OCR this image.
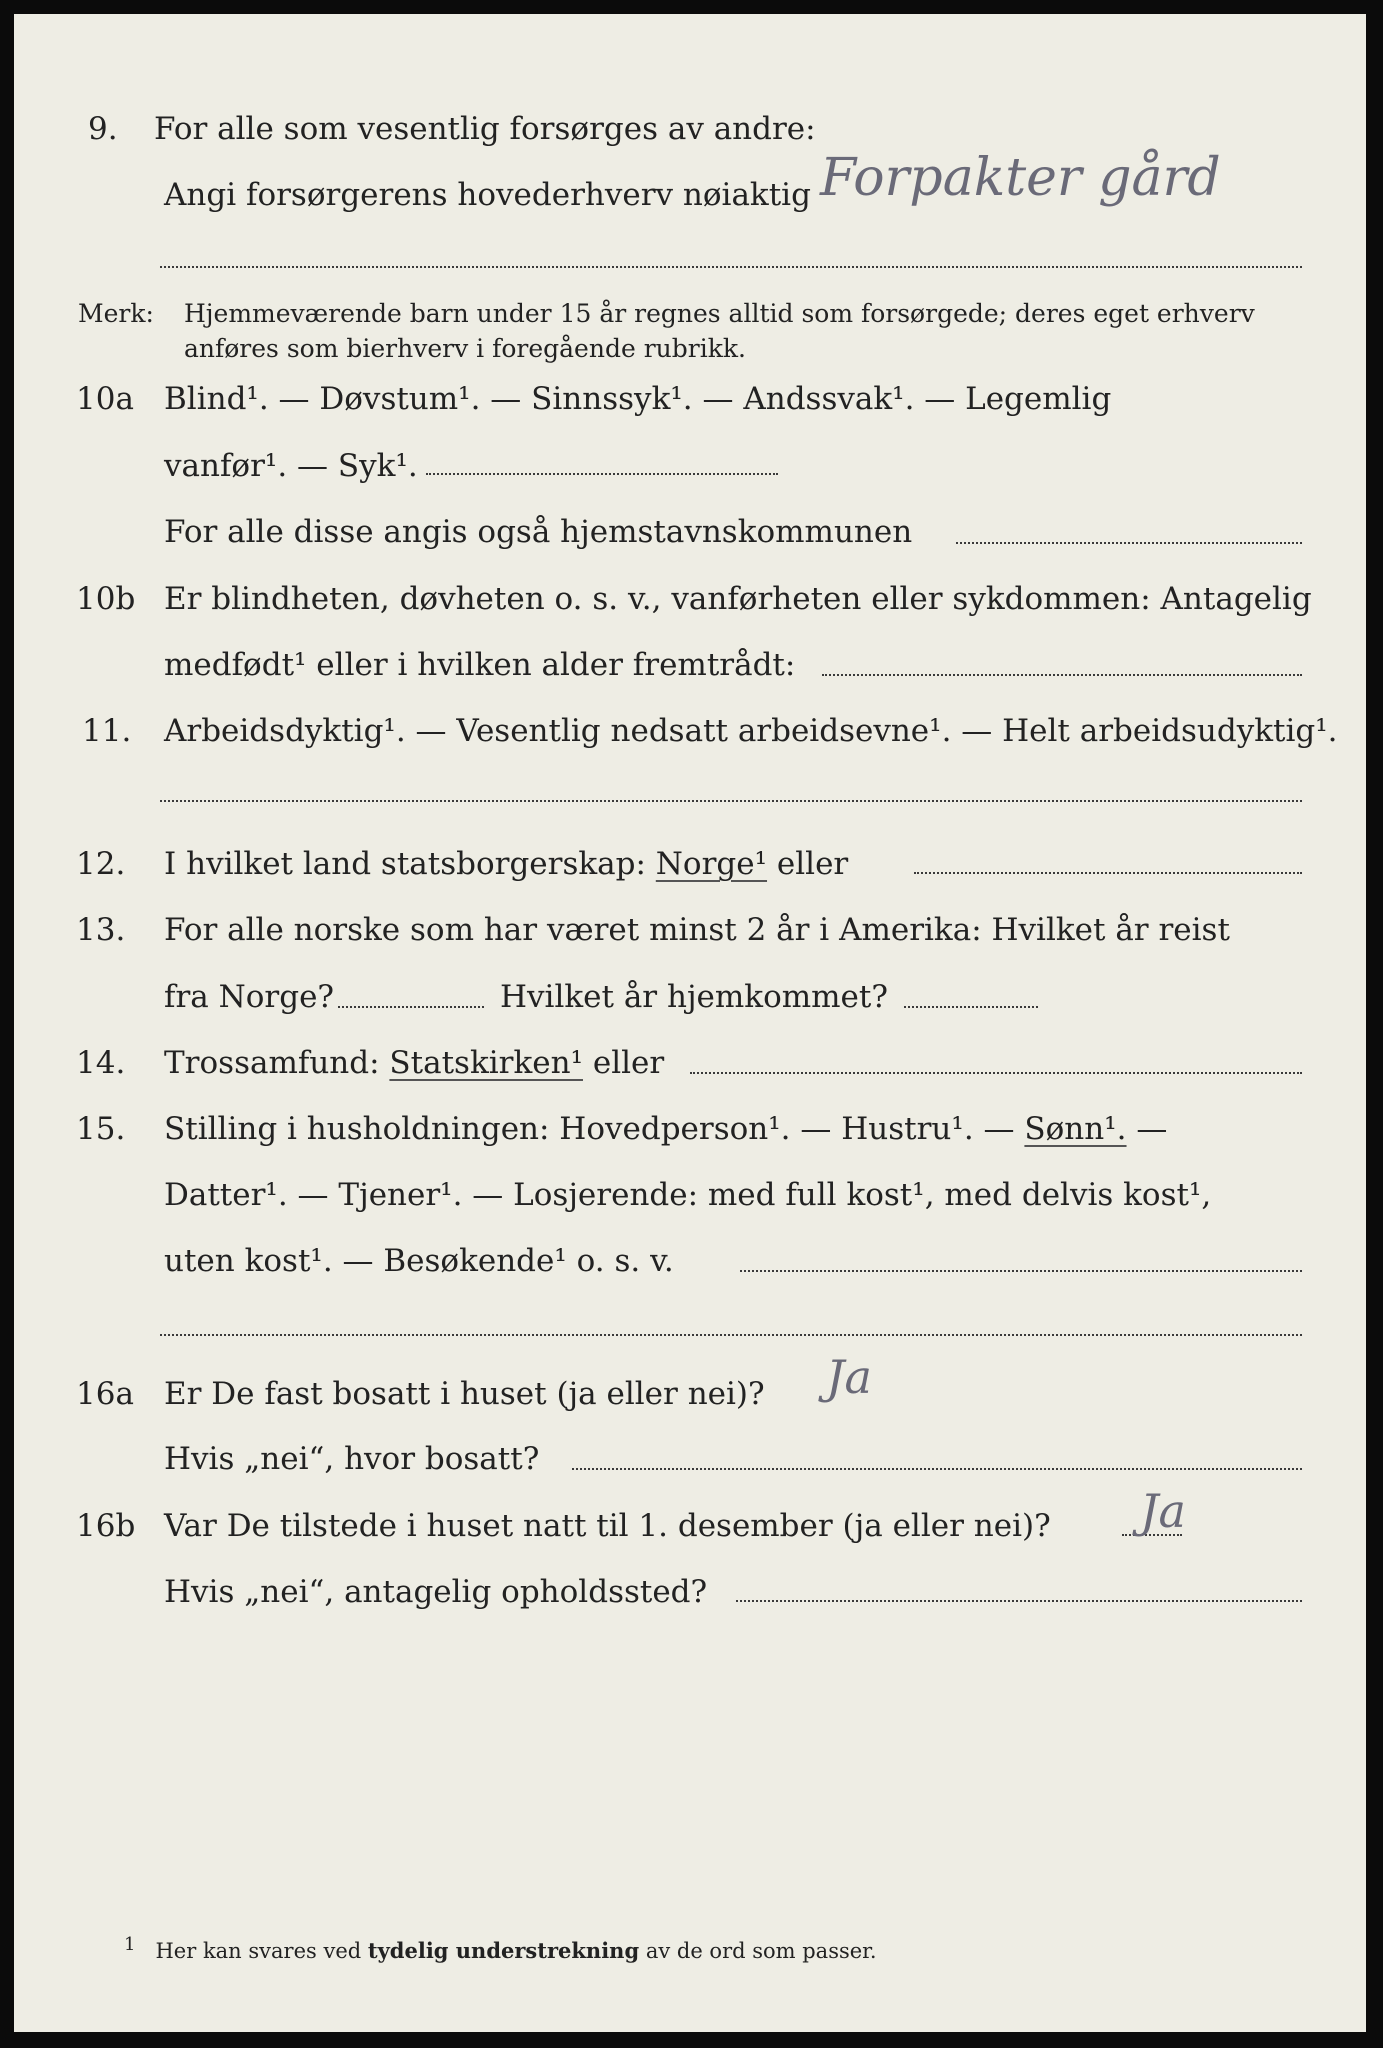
9. For alle som vesentlig forsørges av andre:
Angi forsørgerens hovederhverv nøiaktig Forpakter gård
Merk: Hjemmeværende barn under 15 år regnes alltid som forsørgede; deres eget erhverv
anføres som bierhverv i foregående rubrikk.
10a Blind¹. — Døvstum¹. — Sinnssyk¹. — Andssvak¹. — Legemlig
vanfør¹. — Syk¹.
For alle disse angis også hjemstavnskommunen
10b Er blindheten, døvheten o. s. v., vanførheten eller sykdommen: Antagelig
medfødt¹ eller i hvilken alder fremtrådt:
11. Arbeidsdyktig¹. — Vesentlig nedsatt arbeidsevne¹. — Helt arbeidsudyktig¹.
12. I hvilket land statsborgerskap: Norge¹ eller
13. For alle norske som har været minst 2 år i Amerika: Hvilket år reist
fra Norge?	Hvilket år hjemkommet?
14. Trossamfund: Statskirken¹ eller
15. Stilling i husholdningen: Hovedperson¹. — Hustru¹. — Sønn¹. —
Datter¹. — Tjener¹. — Losjerende: med full kost¹, med delvis kost¹,
uten kost¹. — Besøkende¹ o. s. v.
16a Er De fast bosatt i huset (ja eller nei)? Ja
Hvis „nei“, hvor bosatt?
16b Var De tilstede i huset natt til 1. desember (ja eller nei)? Ja
Hvis „nei“, antagelig opholdssted?
$^1$ Her kan svares ved tydelig understrekning av de ord som passer.
